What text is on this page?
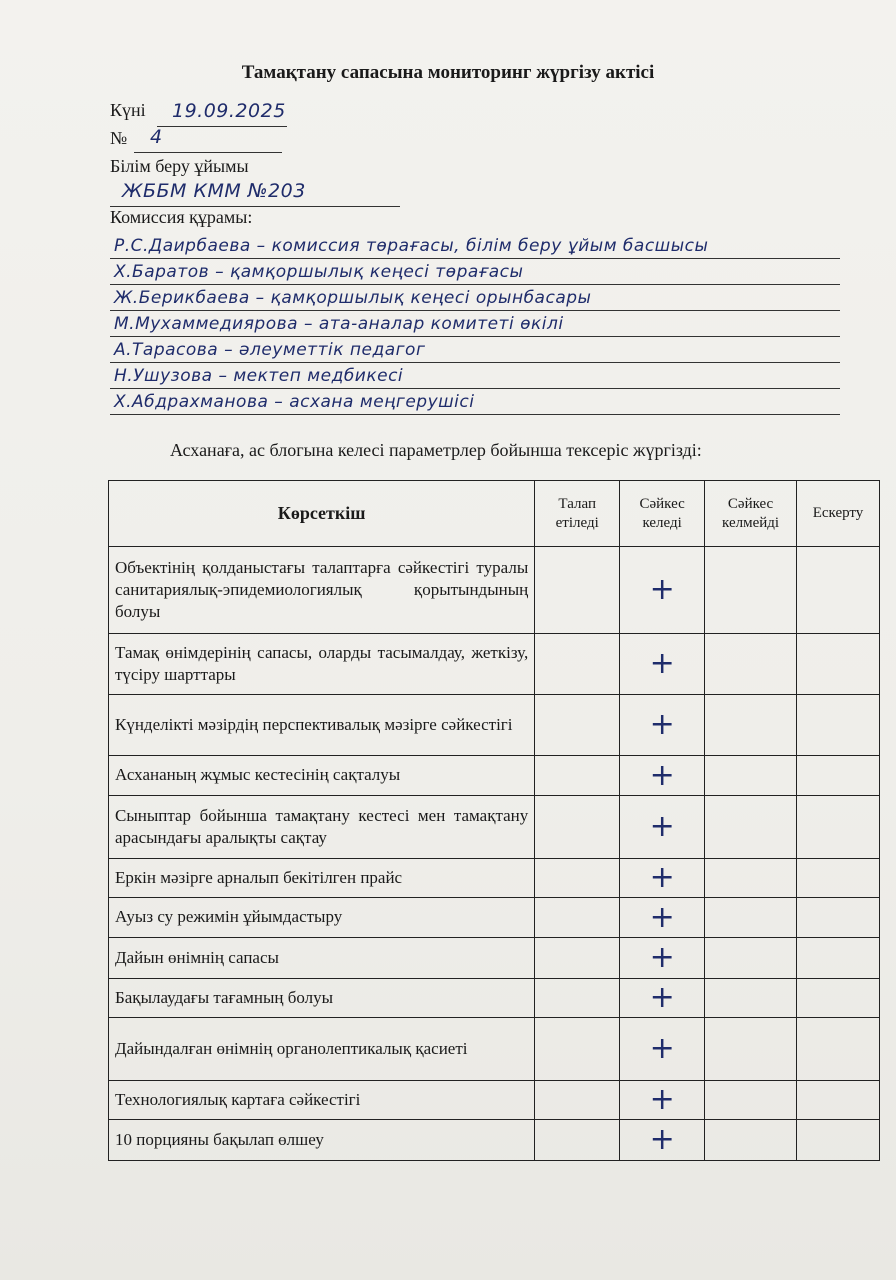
Тамақтану сапасына мониторинг жүргізу актісі
Күні 19.09.2025
№ 4
Білім беру ұйымы
ЖББМ КММ №203
Комиссия құрамы:
Р.С.Даирбаева – комиссия төрағасы, білім беру ұйым басшысы
Х.Баратов – қамқоршылық кеңесі төрағасы
Ж.Берикбаева – қамқоршылық кеңесі орынбасары
М.Мухаммедиярова – ата-аналар комитеті өкілі
А.Тарасова – әлеуметтік педагог
Н.Ушузова – мектеп медбикесі
Х.Абдрахманова – асхана меңгерушісі
Асханаға, ас блогына келесі параметрлер бойынша тексеріс жүргізді:
Көрсеткіш	Талап етіледі	Сәйкес келеді	Сәйкес келмейді	Ескерту
Объектінің қолданыстағы талаптарға сәйкестігі туралы санитариялық-эпидемиологиялық қорытындының болуы		+		
Тамақ өнімдерінің сапасы, оларды тасымалдау, жеткізу, түсіру шарттары		+		
Күнделікті мәзірдің перспективалық мәзірге сәйкестігі		+		
Асхананың жұмыс кестесінің сақталуы		+		
Сыныптар бойынша тамақтану кестесі мен тамақтану арасындағы аралықты сақтау		+		
Еркін мәзірге арналып бекітілген прайс		+		
Ауыз су режимін ұйымдастыру		+		
Дайын өнімнің сапасы		+		
Бақылаудағы тағамның болуы		+		
Дайындалған өнімнің органолептикалық қасиеті		+		
Технологиялық картаға сәйкестігі		+		
10 порцияны бақылап өлшеу		+		
